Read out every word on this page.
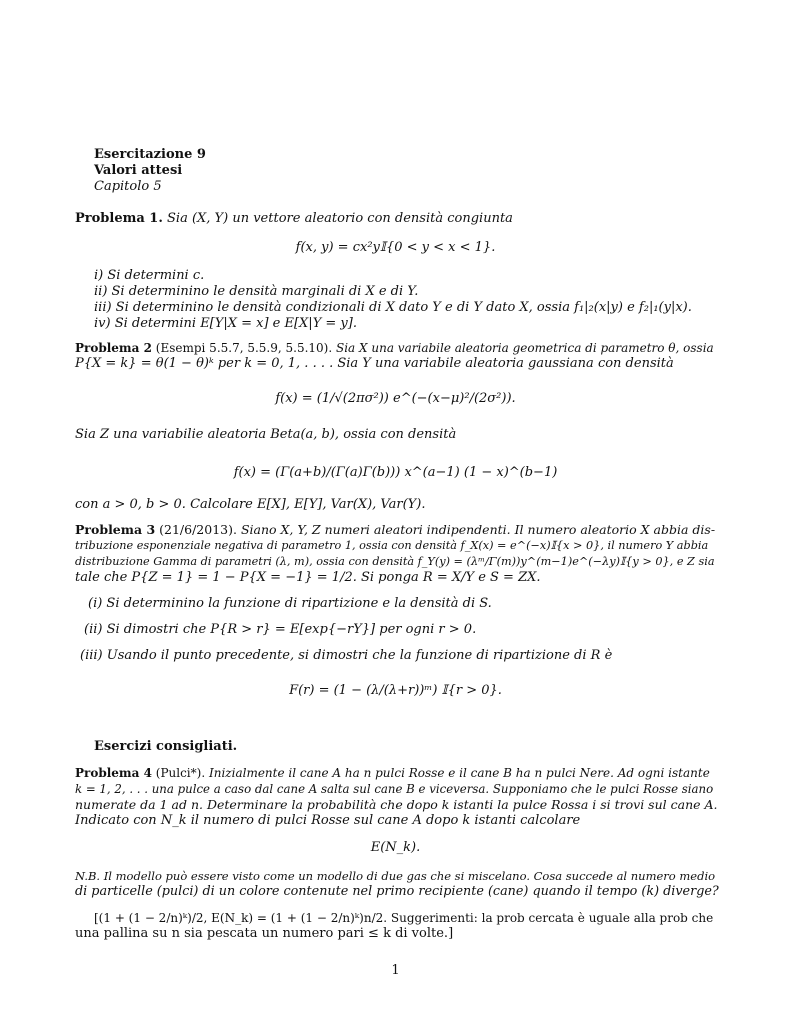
Esercitazione 9
Valori attesi
Capitolo 5
Problema 1. Sia (X, Y) un vettore aleatorio con densità congiunta
f(x, y) = cx²y𝕀{0 < y < x < 1}.
i) Si determini c.
ii) Si determinino le densità marginali di X e di Y.
iii) Si determinino le densità condizionali di X dato Y e di Y dato X, ossia f₁|₂(x|y) e f₂|₁(y|x).
iv) Si determini E[Y|X = x] e E[X|Y = y].
Problema 2 (Esempi 5.5.7, 5.5.9, 5.5.10). Sia X una variabile aleatoria geometrica di parametro θ, ossia
P{X = k} = θ(1 − θ)ᵏ per k = 0, 1, . . . . Sia Y una variabile aleatoria gaussiana con densità
f(x) = (1/√(2πσ²)) e^(−(x−μ)²/(2σ²)).
Sia Z una variabilie aleatoria Beta(a, b), ossia con densità
f(x) = (Γ(a+b)/(Γ(a)Γ(b))) x^(a−1) (1 − x)^(b−1)
con a > 0, b > 0. Calcolare E[X], E[Y], Var(X), Var(Y).
Problema 3 (21/6/2013). Siano X, Y, Z numeri aleatori indipendenti. Il numero aleatorio X abbia dis-
tribuzione esponenziale negativa di parametro 1, ossia con densità f_X(x) = e^(−x)𝕀{x > 0}, il numero Y abbia
distribuzione Gamma di parametri (λ, m), ossia con densità f_Y(y) = (λᵐ/Γ(m))y^(m−1)e^(−λy)𝕀{y > 0}, e Z sia
tale che P{Z = 1} = 1 − P{X = −1} = 1/2. Si ponga R = X/Y e S = ZX.
(i) Si determinino la funzione di ripartizione e la densità di S.
(ii) Si dimostri che P{R > r} = E[exp{−rY}] per ogni r > 0.
(iii) Usando il punto precedente, si dimostri che la funzione di ripartizione di R è
F(r) = (1 − (λ/(λ+r))ᵐ) 𝕀{r > 0}.
Esercizi consigliati.
Problema 4 (Pulci*). Inizialmente il cane A ha n pulci Rosse e il cane B ha n pulci Nere. Ad ogni istante
k = 1, 2, . . . una pulce a caso dal cane A salta sul cane B e viceversa. Supponiamo che le pulci Rosse siano
numerate da 1 ad n. Determinare la probabilità che dopo k istanti la pulce Rossa i si trovi sul cane A.
Indicato con N_k il numero di pulci Rosse sul cane A dopo k istanti calcolare
E(N_k).
N.B. Il modello può essere visto come un modello di due gas che si miscelano. Cosa succede al numero medio
di particelle (pulci) di un colore contenute nel primo recipiente (cane) quando il tempo (k) diverge?
[(1 + (1 − 2/n)ᵏ)/2, E(N_k) = (1 + (1 − 2/n)ᵏ)n/2. Suggerimenti: la prob cercata è uguale alla prob che
una pallina su n sia pescata un numero pari ≤ k di volte.]
1
